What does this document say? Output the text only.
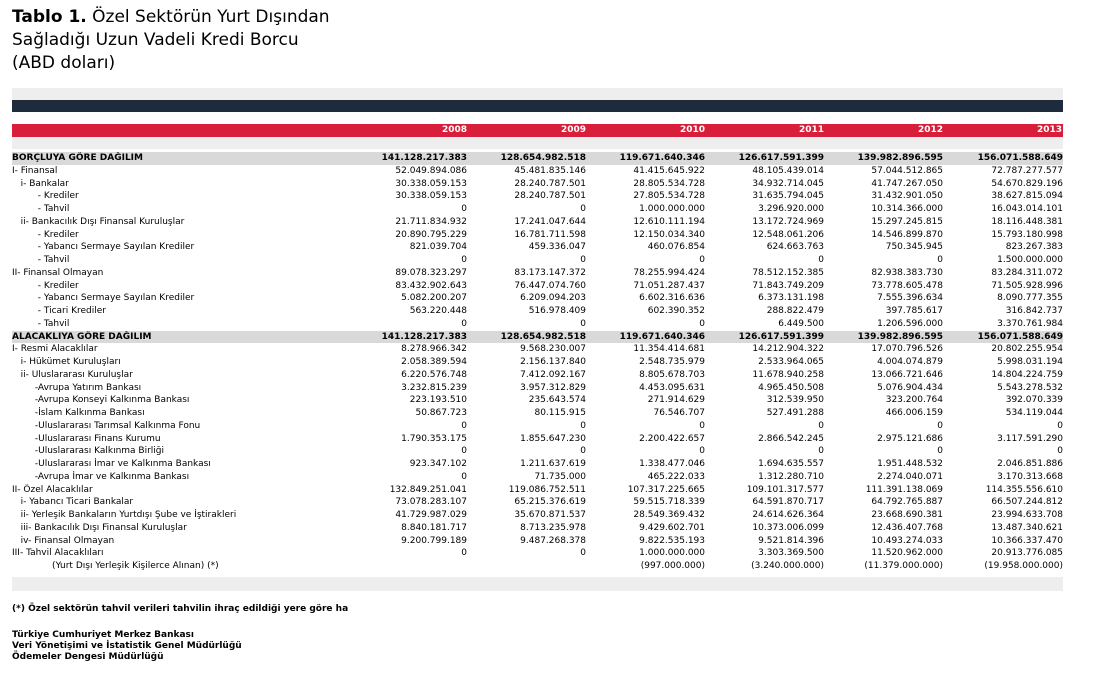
Tablo 1. Özel Sektörün Yurt Dışından
Sağladığı Uzun Vadeli Kredi Borcu
(ABD doları)
2008	2009	2010	2011	2012	2013
BORÇLUYA GÖRE DAĞILIM	141.128.217.383	128.654.982.518	119.671.640.346	126.617.591.399	139.982.896.595	156.071.588.649
I- Finansal	52.049.894.086	45.481.835.146	41.415.645.922	48.105.439.014	57.044.512.865	72.787.277.577
i- Bankalar	30.338.059.153	28.240.787.501	28.805.534.728	34.932.714.045	41.747.267.050	54.670.829.196
- Krediler	30.338.059.153	28.240.787.501	27.805.534.728	31.635.794.045	31.432.901.050	38.627.815.094
- Tahvil	0	0	1.000.000.000	3.296.920.000	10.314.366.000	16.043.014.101
ii- Bankacılık Dışı Finansal Kuruluşlar	21.711.834.932	17.241.047.644	12.610.111.194	13.172.724.969	15.297.245.815	18.116.448.381
- Krediler	20.890.795.229	16.781.711.598	12.150.034.340	12.548.061.206	14.546.899.870	15.793.180.998
- Yabancı Sermaye Sayılan Krediler	821.039.704	459.336.047	460.076.854	624.663.763	750.345.945	823.267.383
- Tahvil	0	0	0	0	0	1.500.000.000
II- Finansal Olmayan	89.078.323.297	83.173.147.372	78.255.994.424	78.512.152.385	82.938.383.730	83.284.311.072
- Krediler	83.432.902.643	76.447.074.760	71.051.287.437	71.843.749.209	73.778.605.478	71.505.928.996
- Yabancı Sermaye Sayılan Krediler	5.082.200.207	6.209.094.203	6.602.316.636	6.373.131.198	7.555.396.634	8.090.777.355
- Ticari Krediler	563.220.448	516.978.409	602.390.352	288.822.479	397.785.617	316.842.737
- Tahvil	0	0	0	6.449.500	1.206.596.000	3.370.761.984
ALACAKLIYA GÖRE DAĞILIM	141.128.217.383	128.654.982.518	119.671.640.346	126.617.591.399	139.982.896.595	156.071.588.649
I- Resmi Alacaklılar	8.278.966.342	9.568.230.007	11.354.414.681	14.212.904.322	17.070.796.526	20.802.255.954
i- Hükümet Kuruluşları	2.058.389.594	2.156.137.840	2.548.735.979	2.533.964.065	4.004.074.879	5.998.031.194
ii- Uluslararası Kuruluşlar	6.220.576.748	7.412.092.167	8.805.678.703	11.678.940.258	13.066.721.646	14.804.224.759
-Avrupa Yatırım Bankası	3.232.815.239	3.957.312.829	4.453.095.631	4.965.450.508	5.076.904.434	5.543.278.532
-Avrupa Konseyi Kalkınma Bankası	223.193.510	235.643.574	271.914.629	312.539.950	323.200.764	392.070.339
-İslam Kalkınma Bankası	50.867.723	80.115.915	76.546.707	527.491.288	466.006.159	534.119.044
-Uluslararası Tarımsal Kalkınma Fonu	0	0	0	0	0	0
-Uluslararası Finans Kurumu	1.790.353.175	1.855.647.230	2.200.422.657	2.866.542.245	2.975.121.686	3.117.591.290
-Uluslararası Kalkınma Birliği	0	0	0	0	0	0
-Uluslararası İmar ve Kalkınma Bankası	923.347.102	1.211.637.619	1.338.477.046	1.694.635.557	1.951.448.532	2.046.851.886
-Avrupa İmar ve Kalkınma Bankası	0	71.735.000	465.222.033	1.312.280.710	2.274.040.071	3.170.313.668
II- Özel Alacaklılar	132.849.251.041	119.086.752.511	107.317.225.665	109.101.317.577	111.391.138.069	114.355.556.610
i- Yabancı Ticari Bankalar	73.078.283.107	65.215.376.619	59.515.718.339	64.591.870.717	64.792.765.887	66.507.244.812
ii- Yerleşik Bankaların Yurtdışı Şube ve İştirakleri	41.729.987.029	35.670.871.537	28.549.369.432	24.614.626.364	23.668.690.381	23.994.633.708
iii- Bankacılık Dışı Finansal Kuruluşlar	8.840.181.717	8.713.235.978	9.429.602.701	10.373.006.099	12.436.407.768	13.487.340.621
iv- Finansal Olmayan	9.200.799.189	9.487.268.378	9.822.535.193	9.521.814.396	10.493.274.033	10.366.337.470
III- Tahvil Alacaklıları	0	0	1.000.000.000	3.303.369.500	11.520.962.000	20.913.776.085
(Yurt Dışı Yerleşik Kişilerce Alınan) (*)			(997.000.000)	(3.240.000.000)	(11.379.000.000)	(19.958.000.000)
(*) Özel sektörün tahvil verileri tahvilin ihraç edildiği yere göre ha
Türkiye Cumhuriyet Merkez Bankası
Veri Yönetişimi ve İstatistik Genel Müdürlüğü
Ödemeler Dengesi Müdürlüğü
